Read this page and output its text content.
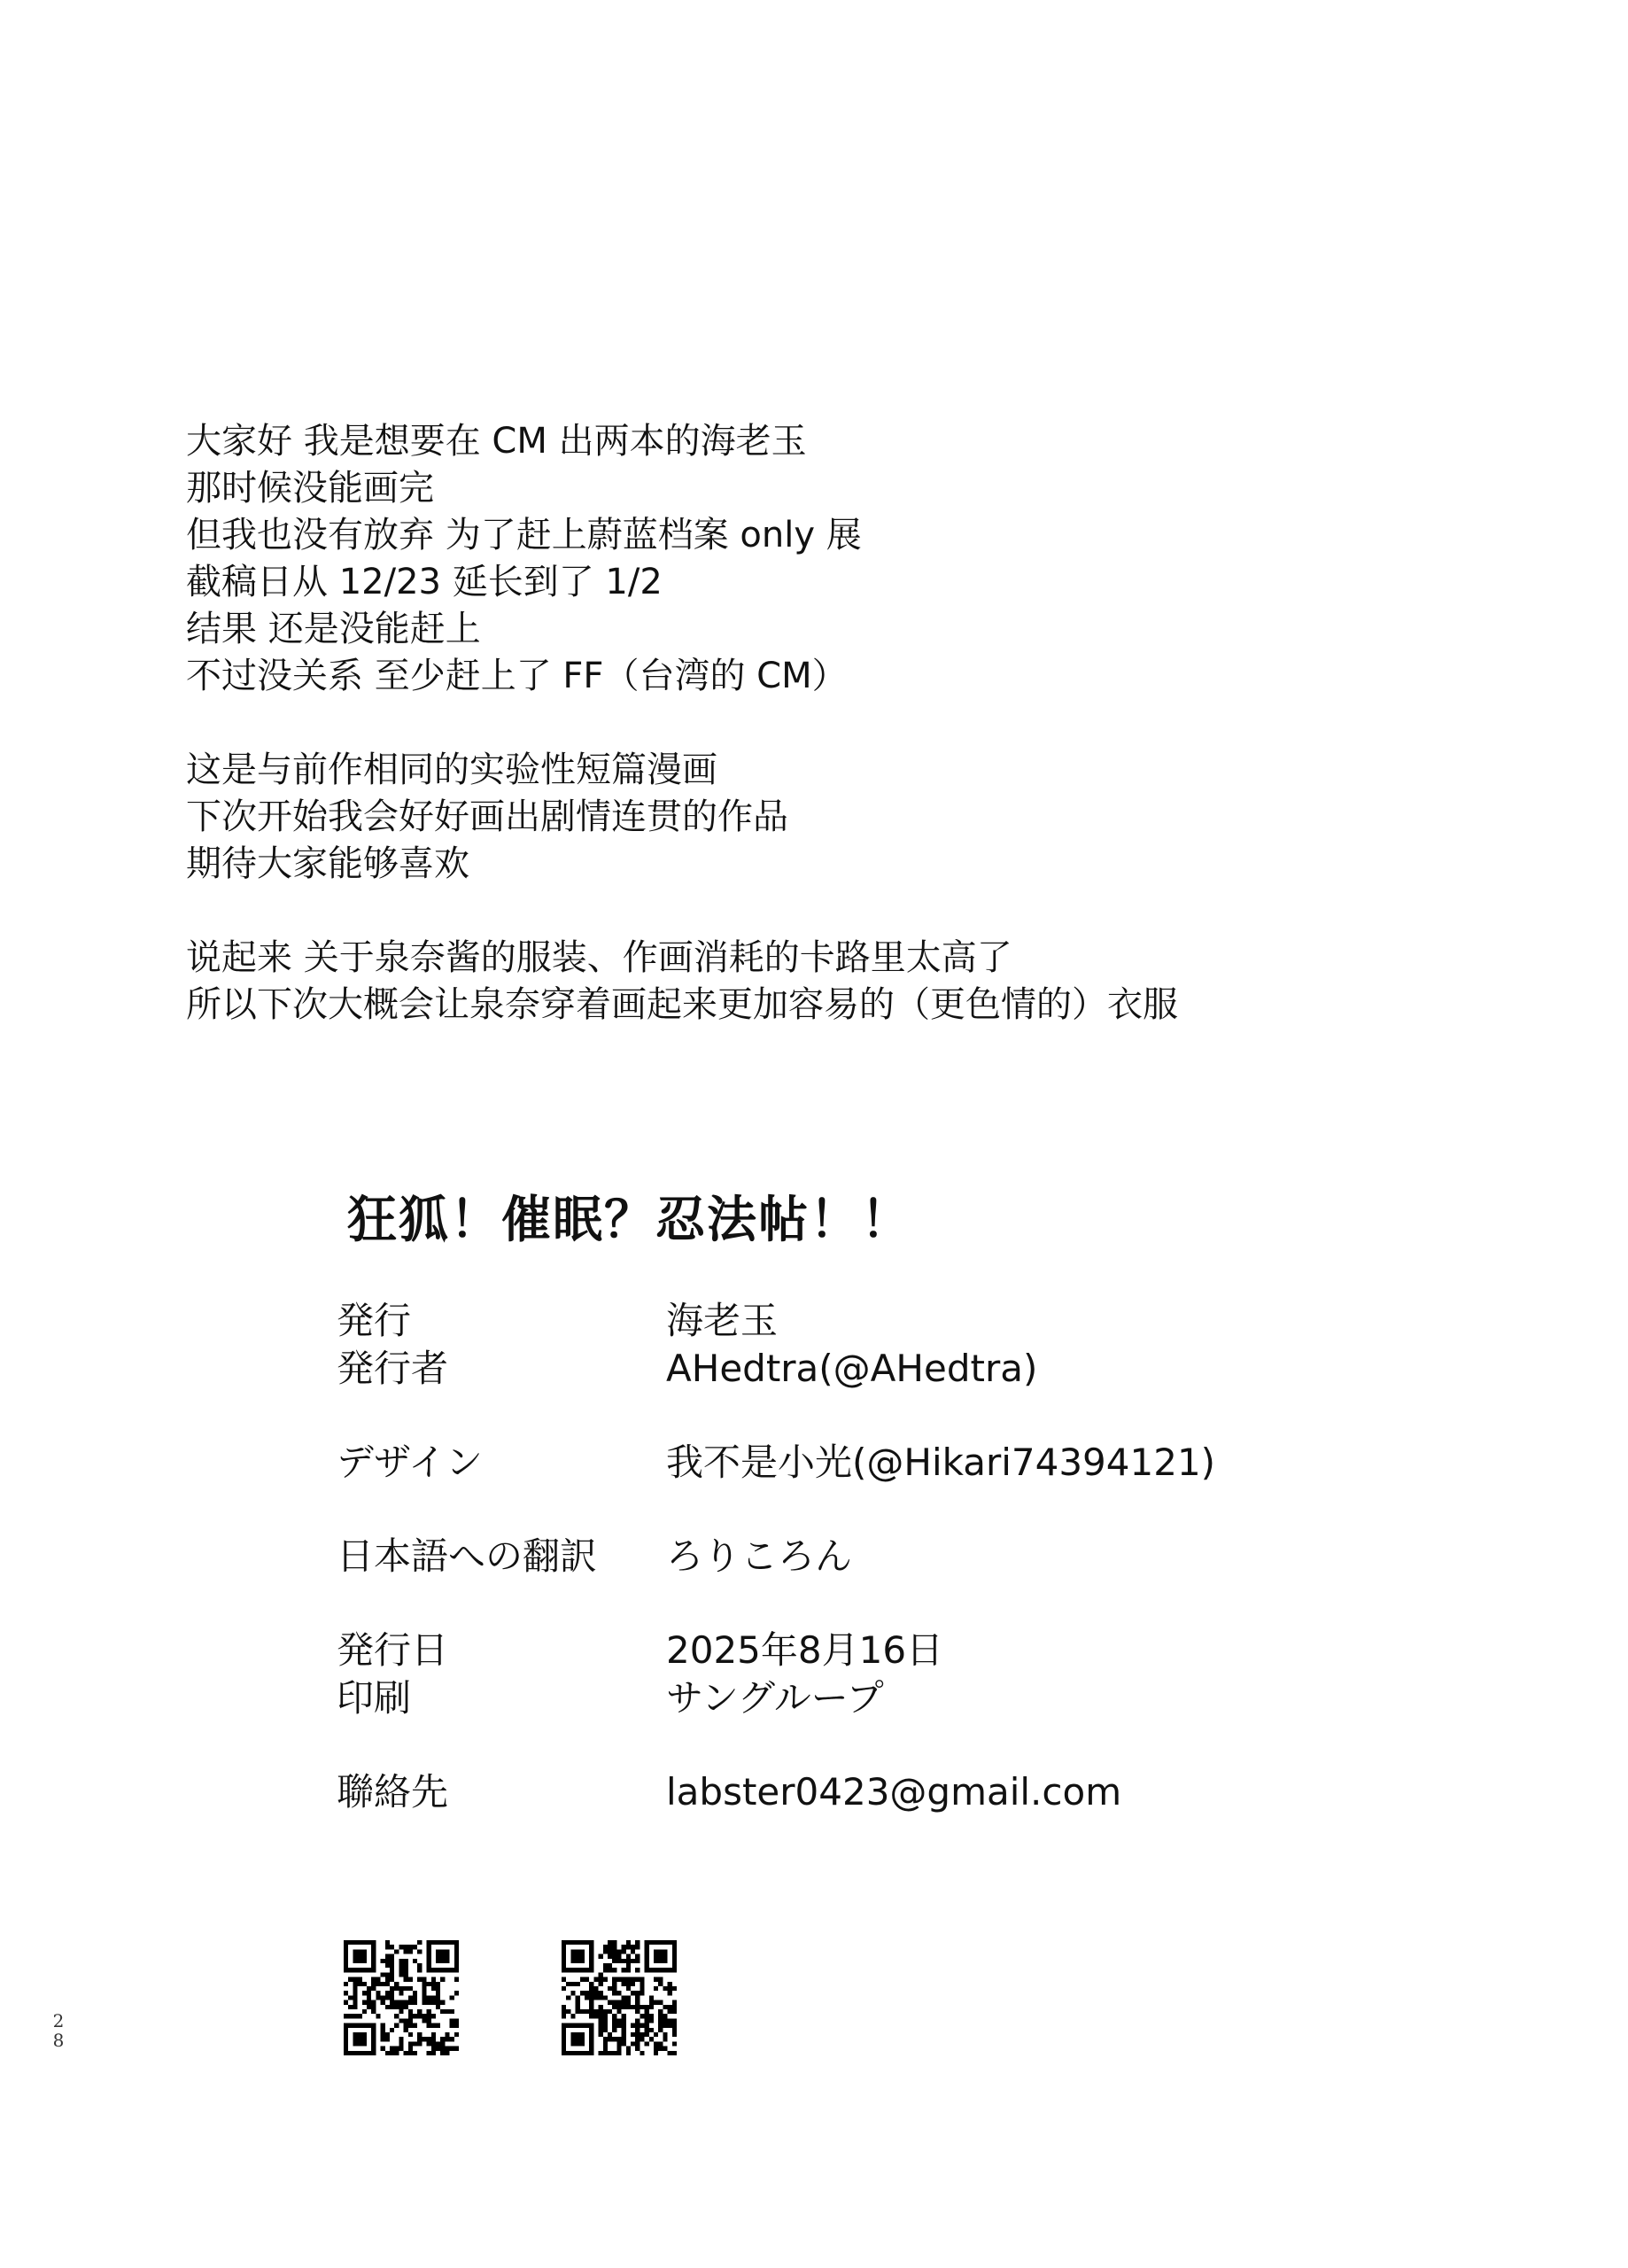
大家好 我是想要在 CM 出两本的海老玉
那时候没能画完
但我也没有放弃 为了赶上蔚蓝档案 only 展
截稿日从 12/23 延长到了 1/2
结果 还是没能赶上
不过没关系 至少赶上了 FF（台湾的 CM）
这是与前作相同的实验性短篇漫画
下次开始我会好好画出剧情连贯的作品
期待大家能够喜欢
说起来 关于泉奈酱的服装、作画消耗的卡路里太高了
所以下次大概会让泉奈穿着画起来更加容易的（更色情的）衣服
狂狐！催眠？忍法帖！！
発行	海老玉
発行者	AHedtra(@AHedtra)
デザイン	我不是小光(@Hikari74394121)
日本語への翻訳	ろりころん
発行日	2025年8月16日
印刷	サングループ
聯絡先	labster0423@gmail.com
2
8
